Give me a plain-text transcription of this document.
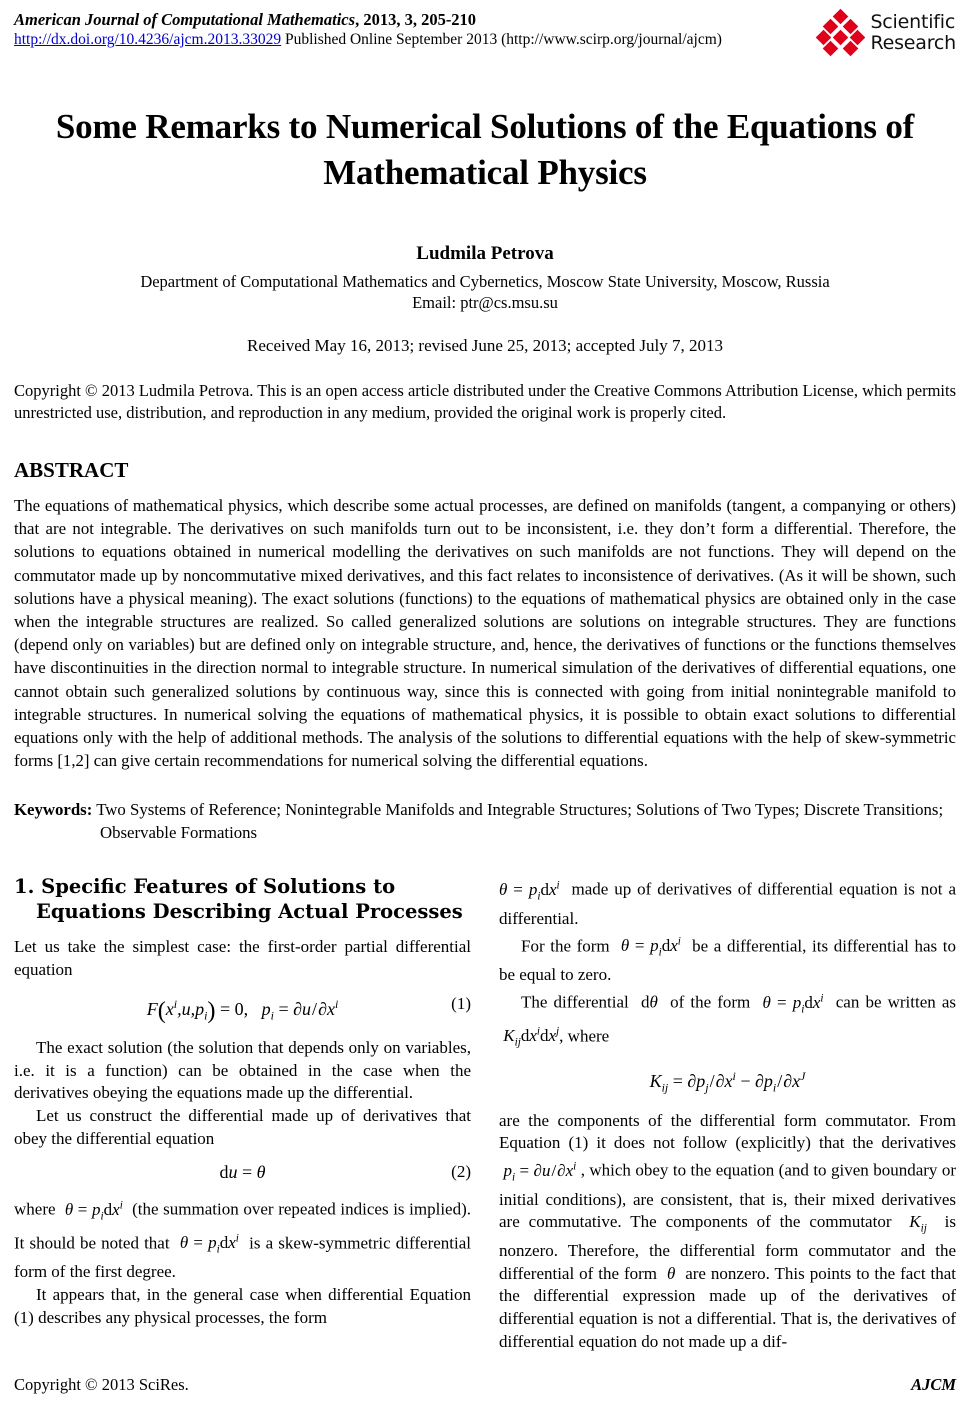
American Journal of Computational Mathematics, 2013, 3, 205-210
http://dx.doi.org/10.4236/ajcm.2013.33029 Published Online September 2013 (http://www.scirp.org/journal/ajcm)
Scientific
Research
Some Remarks to Numerical Solutions of the Equations of Mathematical Physics
Ludmila Petrova
Department of Computational Mathematics and Cybernetics, Moscow State University, Moscow, Russia
Email: ptr@cs.msu.su
Received May 16, 2013; revised June 25, 2013; accepted July 7, 2013
Copyright © 2013 Ludmila Petrova. This is an open access article distributed under the Creative Commons Attribution License, which permits unrestricted use, distribution, and reproduction in any medium, provided the original work is properly cited.
ABSTRACT
The equations of mathematical physics, which describe some actual processes, are defined on manifolds (tangent, a companying or others) that are not integrable. The derivatives on such manifolds turn out to be inconsistent, i.e. they don’t form a differential. Therefore, the solutions to equations obtained in numerical modelling the derivatives on such manifolds are not functions. They will depend on the commutator made up by noncommutative mixed derivatives, and this fact relates to inconsistence of derivatives. (As it will be shown, such solutions have a physical meaning). The exact solutions (functions) to the equations of mathematical physics are obtained only in the case when the integrable structures are realized. So called generalized solutions are solutions on integrable structures. They are functions (depend only on variables) but are defined only on integrable structure, and, hence, the derivatives of functions or the functions themselves have discontinuities in the direction normal to integrable structure. In numerical simulation of the derivatives of differential equations, one cannot obtain such generalized solutions by continuous way, since this is connected with going from initial nonintegrable manifold to integrable structures. In numerical solving the equations of mathematical physics, it is possible to obtain exact solutions to differential equations only with the help of additional methods. The analysis of the solutions to differential equations with the help of skew-symmetric forms [1,2] can give certain recommendations for numerical solving the differential equations.
Keywords: Two Systems of Reference; Nonintegrable Manifolds and Integrable Structures; Solutions of Two Types; Discrete Transitions; Observable Formations
1. Specific Features of Solutions to Equations Describing Actual Processes

Let us take the simplest case: the first-order partial differential equation

$F(x^i,u,p_i) = 0$,   $p_i = \partial u/\partial x^i$	(1)

The exact solution (the solution that depends only on variables, i.e. it is a function) can be obtained in the case when the derivatives obeying the equations made up the differential.

Let us construct the differential made up of derivatives that obey the differential equation

du = θ	(2)

where $\theta = p_idx^i$ (the summation over repeated indices is implied). It should be noted that $\theta = p_idx^i$ is a skew-symmetric differential form of the first degree.

It appears that, in the general case when differential Equation (1) describes any physical processes, the form

$\theta = p_idx^i$ made up of derivatives of differential equation is not a differential.

For the form $\theta = p_idx^i$ be a differential, its differential has to be equal to zero.

The differential dθ of the form $\theta = p_idx^i$ can be written as  $K_{ij}dx^idx^j$, where

$K_{ij} = \partial p_j/\partial x^i - \partial p_i/\partial x^J$

are the components of the differential form commutator. From Equation (1) it does not follow (explicitly) that the derivatives  $p_i = \partial u/\partial x^i$ , which obey to the equation (and to given boundary or initial conditions), are consistent, that is, their mixed derivatives are commutative. The components of the commutator $K_{ij}$ is nonzero. Therefore, the differential form commutator and the differential of the form θ are nonzero. This points to the fact that the differential expression made up of the derivatives of differential equation is not a differential. That is, the derivatives of differential equation do not made up a dif-

Copyright © 2013 SciRes.	AJCM
